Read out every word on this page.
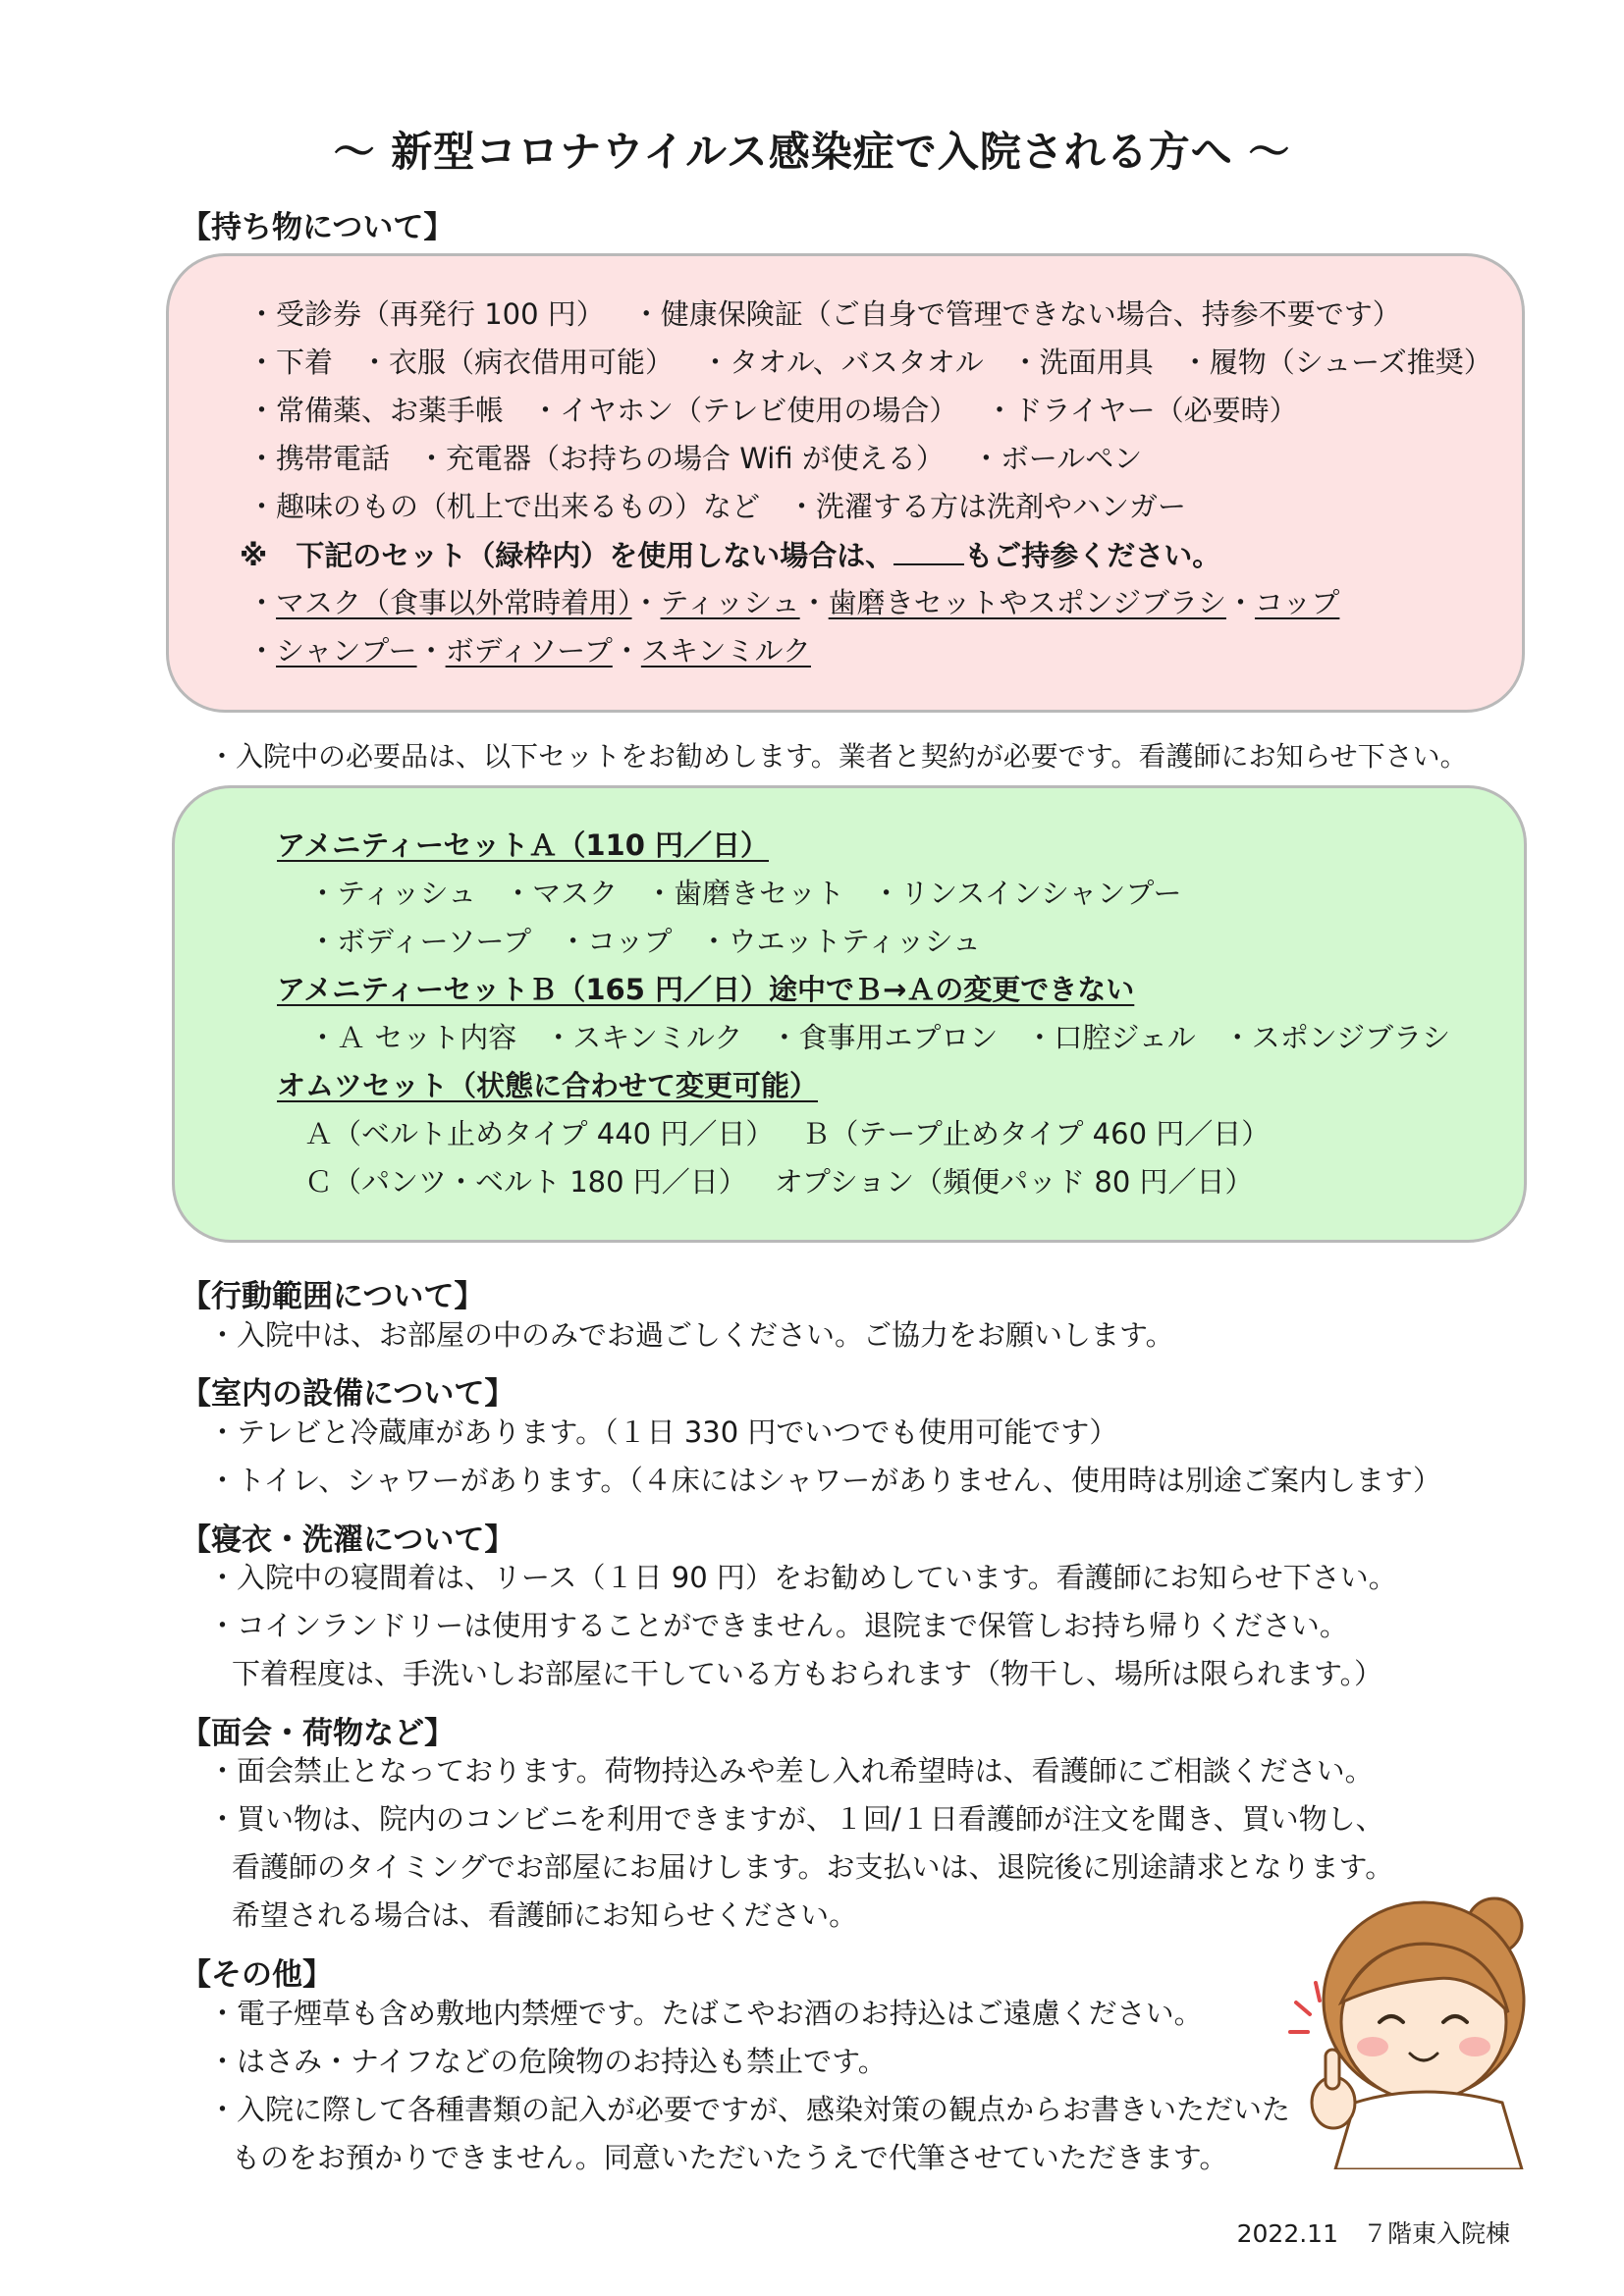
～ 新型コロナウイルス感染症で入院される方へ ～
【持ち物について】
・受診券（再発行 100 円） ・健康保険証（ご自身で管理できない場合、持参不要です）
・下着 ・衣服（病衣借用可能） ・タオル、バスタオル ・洗面用具 ・履物（シューズ推奨）
・常備薬、お薬手帳 ・イヤホン（テレビ使用の場合） ・ドライヤー（必要時）
・携帯電話 ・充電器（お持ちの場合 Wifi が使える） ・ボールペン
・趣味のもの（机上で出来るもの）など ・洗濯する方は洗剤やハンガー
※　下記のセット（緑枠内）を使用しない場合は、 もご持参ください。
・マスク（食事以外常時着用）・ティッシュ・歯磨きセットやスポンジブラシ・コップ
・シャンプー・ボディソープ・スキンミルク
・入院中の必要品は、以下セットをお勧めします。業者と契約が必要です。看護師にお知らせ下さい。
アメニティーセットＡ（110 円／日）
・ティッシュ ・マスク ・歯磨きセット ・リンスインシャンプー
・ボディーソープ ・コップ ・ウエットティッシュ
アメニティーセットＢ（165 円／日）途中でＢ→Ａの変更できない
・Ａ セット内容 ・スキンミルク ・食事用エプロン ・口腔ジェル ・スポンジブラシ
オムツセット（状態に合わせて変更可能）
Ａ（ベルト止めタイプ 440 円／日） Ｂ（テープ止めタイプ 460 円／日）
Ｃ（パンツ・ベルト 180 円／日） オプション（頻便パッド 80 円／日）
【行動範囲について】
・入院中は、お部屋の中のみでお過ごしください。ご協力をお願いします。
【室内の設備について】
・テレビと冷蔵庫があります。（１日 330 円でいつでも使用可能です）
・トイレ、シャワーがあります。（４床にはシャワーがありません、使用時は別途ご案内します）
【寝衣・洗濯について】
・入院中の寝間着は、リース（１日 90 円）をお勧めしています。看護師にお知らせ下さい。
・コインランドリーは使用することができません。退院まで保管しお持ち帰りください。
下着程度は、手洗いしお部屋に干している方もおられます（物干し、場所は限られます。）
【面会・荷物など】
・面会禁止となっております。荷物持込みや差し入れ希望時は、看護師にご相談ください。
・買い物は、院内のコンビニを利用できますが、１回/１日看護師が注文を聞き、買い物し、
看護師のタイミングでお部屋にお届けします。お支払いは、退院後に別途請求となります。
希望される場合は、看護師にお知らせください。
【その他】
・電子煙草も含め敷地内禁煙です。たばこやお酒のお持込はご遠慮ください。
・はさみ・ナイフなどの危険物のお持込も禁止です。
・入院に際して各種書類の記入が必要ですが、感染対策の観点からお書きいただいた
ものをお預かりできません。同意いただいたうえで代筆させていただきます。
2022.11　７階東入院棟
